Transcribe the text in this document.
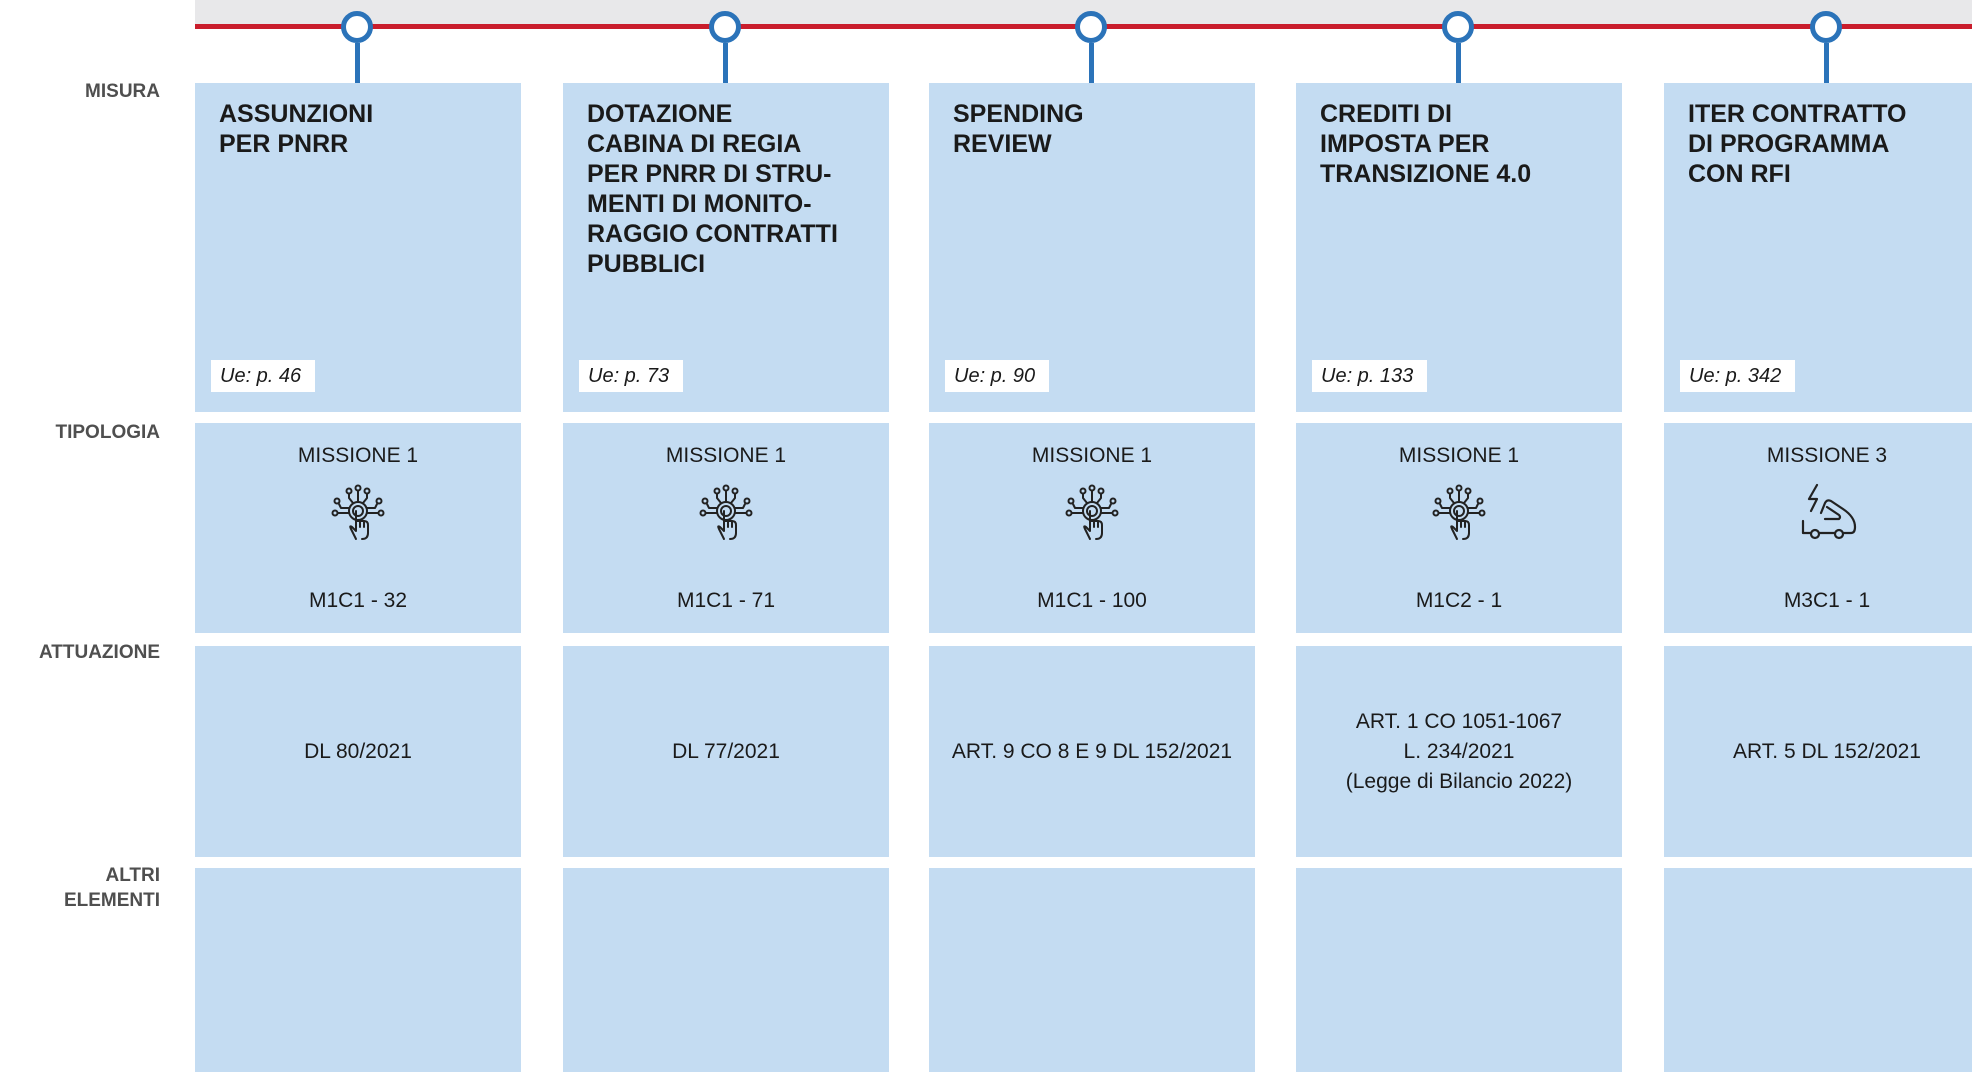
MISURA
TIPOLOGIA
ATTUAZIONE
ALTRI
ELEMENTI
ASSUNZIONI
PER PNRR
Ue: p. 46
MISSIONE 1
M1C1 - 32
DL 80/2021
DOTAZIONE
CABINA DI REGIA
PER PNRR DI STRU-
MENTI DI MONITO-
RAGGIO CONTRATTI
PUBBLICI
Ue: p. 73
MISSIONE 1
M1C1 - 71
DL 77/2021
SPENDING
REVIEW
Ue: p. 90
MISSIONE 1
M1C1 - 100
ART. 9 CO 8 E 9 DL 152/2021
CREDITI DI
IMPOSTA PER
TRANSIZIONE 4.0
Ue: p. 133
MISSIONE 1
M1C2 - 1
ART. 1 CO 1051-1067
L. 234/2021
(Legge di Bilancio 2022)
ITER CONTRATTO
DI PROGRAMMA
CON RFI
Ue: p. 342
MISSIONE 3
M3C1 - 1
ART. 5 DL 152/2021
